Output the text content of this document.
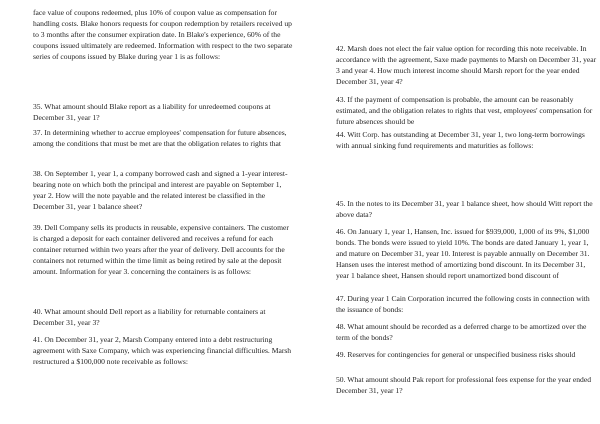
face value of coupons redeemed, plus 10% of coupon value as compensation for handling costs. Blake honors requests for coupon redemption by retailers received up to 3 months after the consumer expiration date. In Blake's experience, 60% of the coupons issued ultimately are redeemed. Information with respect to the two separate series of coupons issued by Blake during year 1 is as follows:

35. What amount should Blake report as a liability for unredeemed coupons at December 31, year 1?

37. In determining whether to accrue employees' compensation for future absences, among the conditions that must be met are that the obligation relates to rights that

38. On September 1, year 1, a company borrowed cash and signed a 1-year interest-bearing note on which both the principal and interest are payable on September 1, year 2. How will the note payable and the related interest be classified in the December 31, year 1 balance sheet?

39. Dell Company sells its products in reusable, expensive containers. The customer is charged a deposit for each container delivered and receives a refund for each container returned within two years after the year of delivery. Dell accounts for the containers not returned within the time limit as being retired by sale at the deposit amount. Information for year 3. concerning the containers is as follows:

40. What amount should Dell report as a liability for returnable containers at December 31, year 3?

41. On December 31, year 2, Marsh Company entered into a debt restructuring agreement with Saxe Company, which was experiencing financial difficulties. Marsh restructured a $100,000 note receivable as follows:

42. Marsh does not elect the fair value option for recording this note receivable. In accordance with the agreement, Saxe made payments to Marsh on December 31, year 3 and year 4. How much interest income should Marsh report for the year ended December 31, year 4?

43. If the payment of compensation is probable, the amount can be reasonably estimated, and the obligation relates to rights that vest, employees' compensation for future absences should be

44. Witt Corp. has outstanding at December 31, year 1, two long-term borrowings with annual sinking fund requirements and maturities as follows:

45. In the notes to its December 31, year 1 balance sheet, how should Witt report the above data?

46. On January 1, year 1, Hansen, Inc. issued for $939,000, 1,000 of its 9%, $1,000 bonds. The bonds were issued to yield 10%. The bonds are dated January 1, year 1, and mature on December 31, year 10. Interest is payable annually on December 31. Hansen uses the interest method of amortizing bond discount. In its December 31, year 1 balance sheet, Hansen should report unamortized bond discount of

47. During year 1 Cain Corporation incurred the following costs in connection with the issuance of bonds:

48. What amount should be recorded as a deferred charge to be amortized over the term of the bonds?

49. Reserves for contingencies for general or unspecified business risks should

50. What amount should Pak report for professional fees expense for the year ended December 31, year 1?
